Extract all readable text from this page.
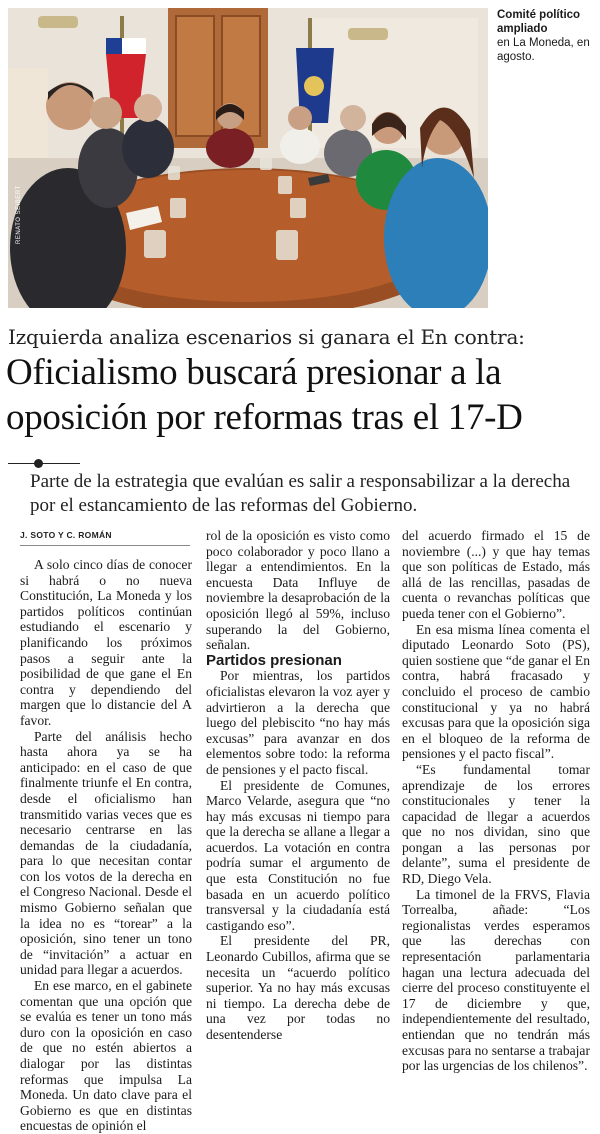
RENATO SEIBERT
Comité político ampliado
en La Moneda, en agosto.
Izquierda analiza escenarios si ganara el En contra:
Oficialismo buscará presionar a la oposición por reformas tras el 17-D
Parte de la estrategia que evalúan es salir a responsabilizar a la derecha por el estancamiento de las reformas del Gobierno.
J. SOTO Y C. ROMÁN

A solo cinco días de conocer si habrá o no nueva Constitución, La Moneda y los partidos políticos continúan estudiando el escenario y planificando los próximos pasos a seguir ante la posibilidad de que gane el En contra y dependiendo del margen que lo distancie del A favor.

Parte del análisis hecho hasta ahora ya se ha anticipado: en el caso de que finalmente triunfe el En contra, desde el oficialismo han transmitido varias veces que es necesario centrarse en las demandas de la ciudadanía, para lo que necesitan contar con los votos de la derecha en el Congreso Nacional. Desde el mismo Gobierno señalan que la idea no es “torear” a la oposición, sino tener un tono de “invitación” a actuar en unidad para llegar a acuerdos.

En ese marco, en el gabinete comentan que una opción que se evalúa es tener un tono más duro con la oposición en caso de que no estén abiertos a dialogar por las distintas reformas que impulsa La Moneda. Un dato clave para el Gobierno es que en distintas encuestas de opinión el

rol de la oposición es visto como poco colaborador y poco llano a llegar a entendimientos. En la encuesta Data Influye de noviembre la desaprobación de la oposición llegó al 59%, incluso superando la del Gobierno, señalan.

Partidos presionan

Por mientras, los partidos oficialistas elevaron la voz ayer y advirtieron a la derecha que luego del plebiscito “no hay más excusas” para avanzar en dos elementos sobre todo: la reforma de pensiones y el pacto fiscal.

El presidente de Comunes, Marco Velarde, asegura que “no hay más excusas ni tiempo para que la derecha se allane a llegar a acuerdos. La votación en contra podría sumar el argumento de que esta Constitución no fue basada en un acuerdo político transversal y la ciudadanía está castigando eso”.

El presidente del PR, Leonardo Cubillos, afirma que se necesita un “acuerdo político superior. Ya no hay más excusas ni tiempo. La derecha debe de una vez por todas no desentenderse

del acuerdo firmado el 15 de noviembre (...) y que hay temas que son políticas de Estado, más allá de las rencillas, pasadas de cuenta o revanchas políticas que pueda tener con el Gobierno”.

En esa misma línea comenta el diputado Leonardo Soto (PS), quien sostiene que “de ganar el En contra, habrá fracasado y concluido el proceso de cambio constitucional y ya no habrá excusas para que la oposición siga en el bloqueo de la reforma de pensiones y el pacto fiscal”.

“Es fundamental tomar aprendizaje de los errores constitucionales y tener la capacidad de llegar a acuerdos que no nos dividan, sino que pongan a las personas por delante”, suma el presidente de RD, Diego Vela.

La timonel de la FRVS, Flavia Torrealba, añade: “Los regionalistas verdes esperamos que las derechas con representación parlamentaria hagan una lectura adecuada del cierre del proceso constituyente el 17 de diciembre y que, independientemente del resultado, entiendan que no tendrán más excusas para no sentarse a trabajar por las urgencias de los chilenos”.
